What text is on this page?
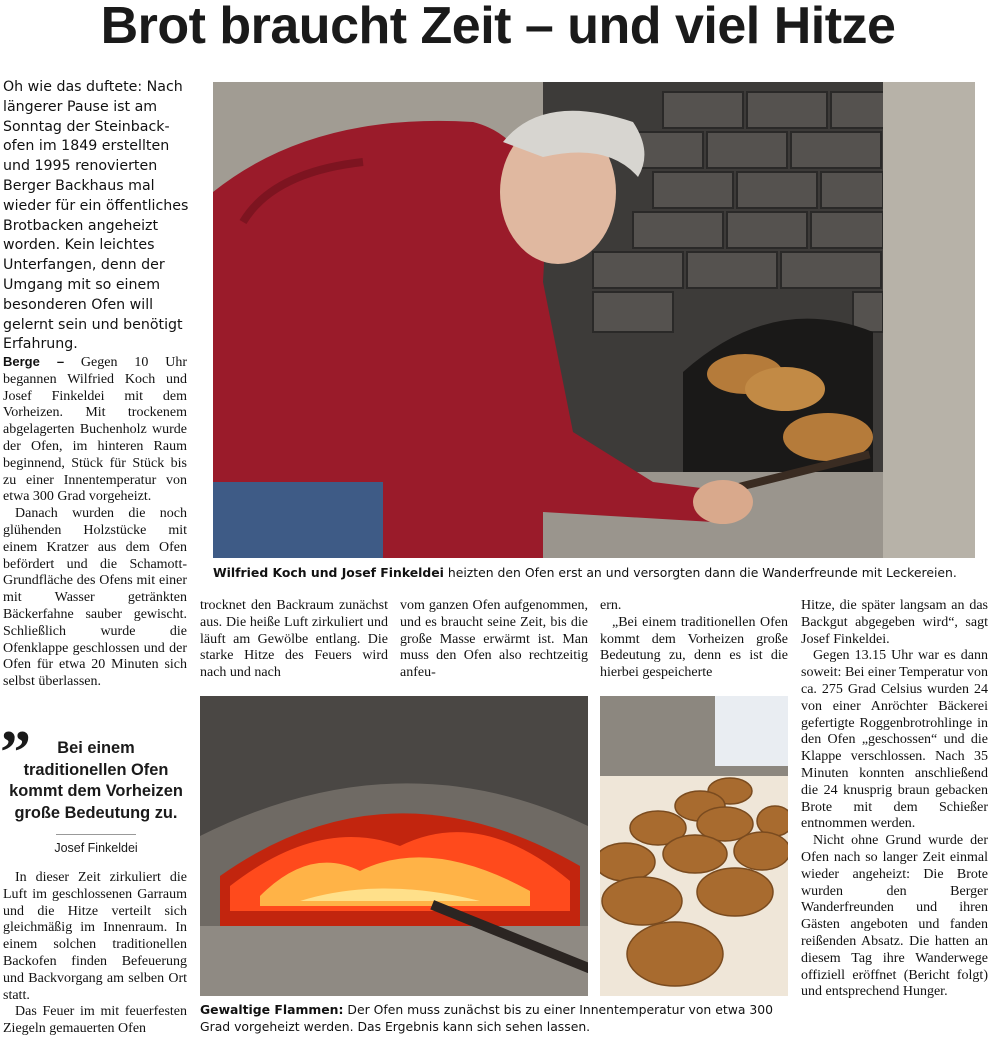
Brot braucht Zeit – und viel Hitze
Oh wie das duftete: Nach längerer Pause ist am Sonntag der Steinbackofen im 1849 erstellten und 1995 renovierten Berger Backhaus mal wieder für ein öffentliches Brotbacken angeheizt worden. Kein leichtes Unterfangen, denn der Umgang mit so einem besonderen Ofen will gelernt sein und benötigt Erfahrung.

Berge – Gegen 10 Uhr begannen Wilfried Koch und Josef Finkeldei mit dem Vorheizen. Mit trockenem abgelagerten Buchenholz wurde der Ofen, im hinteren Raum beginnend, Stück für Stück bis zu einer Innentemperatur von etwa 300 Grad vorgeheizt.

Danach wurden die noch glühenden Holzstücke mit einem Kratzer aus dem Ofen befördert und die Schamott-Grundfläche des Ofens mit einer mit Wasser getränkten Bäckerfahne sauber gewischt. Schließlich wurde die Ofenklappe geschlossen und der Ofen für etwa 20 Minuten sich selbst überlassen.

”	Bei einem traditionellen Ofen kommt dem Vorheizen große Bedeutung zu.
Josef Finkeldei

In dieser Zeit zirkuliert die Luft im geschlossenen Garraum und die Hitze verteilt sich gleichmäßig im Innenraum. In einem solchen traditionellen Backofen finden Befeuerung und Backvorgang am selben Ort statt.

Das Feuer im mit feuerfesten Ziegeln gemauerten Ofen

Wilfried Koch und Josef Finkeldei heizten den Ofen erst an und versorgten dann die Wanderfreunde mit Leckereien.

trocknet den Backraum zunächst aus. Die heiße Luft zirkuliert und läuft am Gewölbe entlang. Die starke Hitze des Feuers wird nach und nach

vom ganzen Ofen aufgenommen, und es braucht seine Zeit, bis die große Masse erwärmt ist. Man muss den Ofen also rechtzeitig anfeu-

ern.

„Bei einem traditionellen Ofen kommt dem Vorheizen große Bedeutung zu, denn es ist die hierbei gespeicherte

Hitze, die später langsam an das Backgut abgegeben wird“, sagt Josef Finkeldei.

Gegen 13.15 Uhr war es dann soweit: Bei einer Temperatur von ca. 275 Grad Celsius wurden 24 von einer Anröchter Bäckerei gefertigte Roggenbrotrohlinge in den Ofen „geschossen“ und die Klappe verschlossen. Nach 35 Minuten konnten anschließend die 24 knusprig braun gebacken Brote mit dem Schießer entnommen werden.

Nicht ohne Grund wurde der Ofen nach so langer Zeit einmal wieder angeheizt: Die Brote wurden den Berger Wanderfreunden und ihren Gästen angeboten und fanden reißenden Absatz. Die hatten an diesem Tag ihre Wanderwege offiziell eröffnet (Bericht folgt) und entsprechend Hunger.

Gewaltige Flammen: Der Ofen muss zunächst bis zu einer Innentemperatur von etwa 300 Grad vorgeheizt werden. Das Ergebnis kann sich sehen lassen.
